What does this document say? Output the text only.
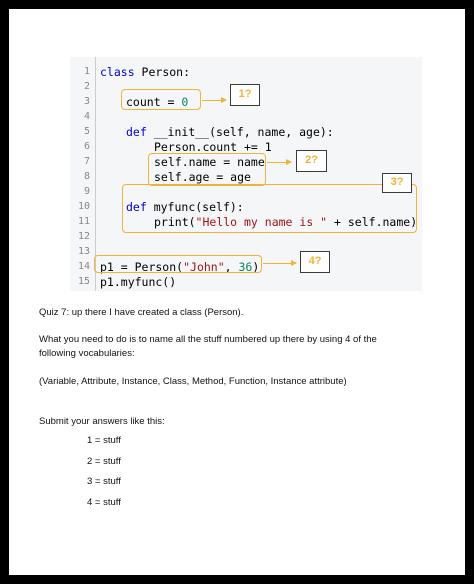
1
2
3
4
5
6
7
8
9
10
11
12
13
14
15
class Person:
count = 0
def __init__(self, name, age):
Person.count += 1
self.name = name
self.age = age
def myfunc(self):
print("Hello my name is " + self.name)
p1 = Person("John", 36)
p1.myfunc()
1?
2?
3?
4?
Quiz 7: up there I have created a class (Person).
What you need to do is to name all the stuff numbered up there by using 4 of the
following vocabularies:
(Variable, Attribute, Instance, Class, Method, Function, Instance attribute)
Submit your answers like this:
1 = stuff
2 = stuff
3 = stuff
4 = stuff
